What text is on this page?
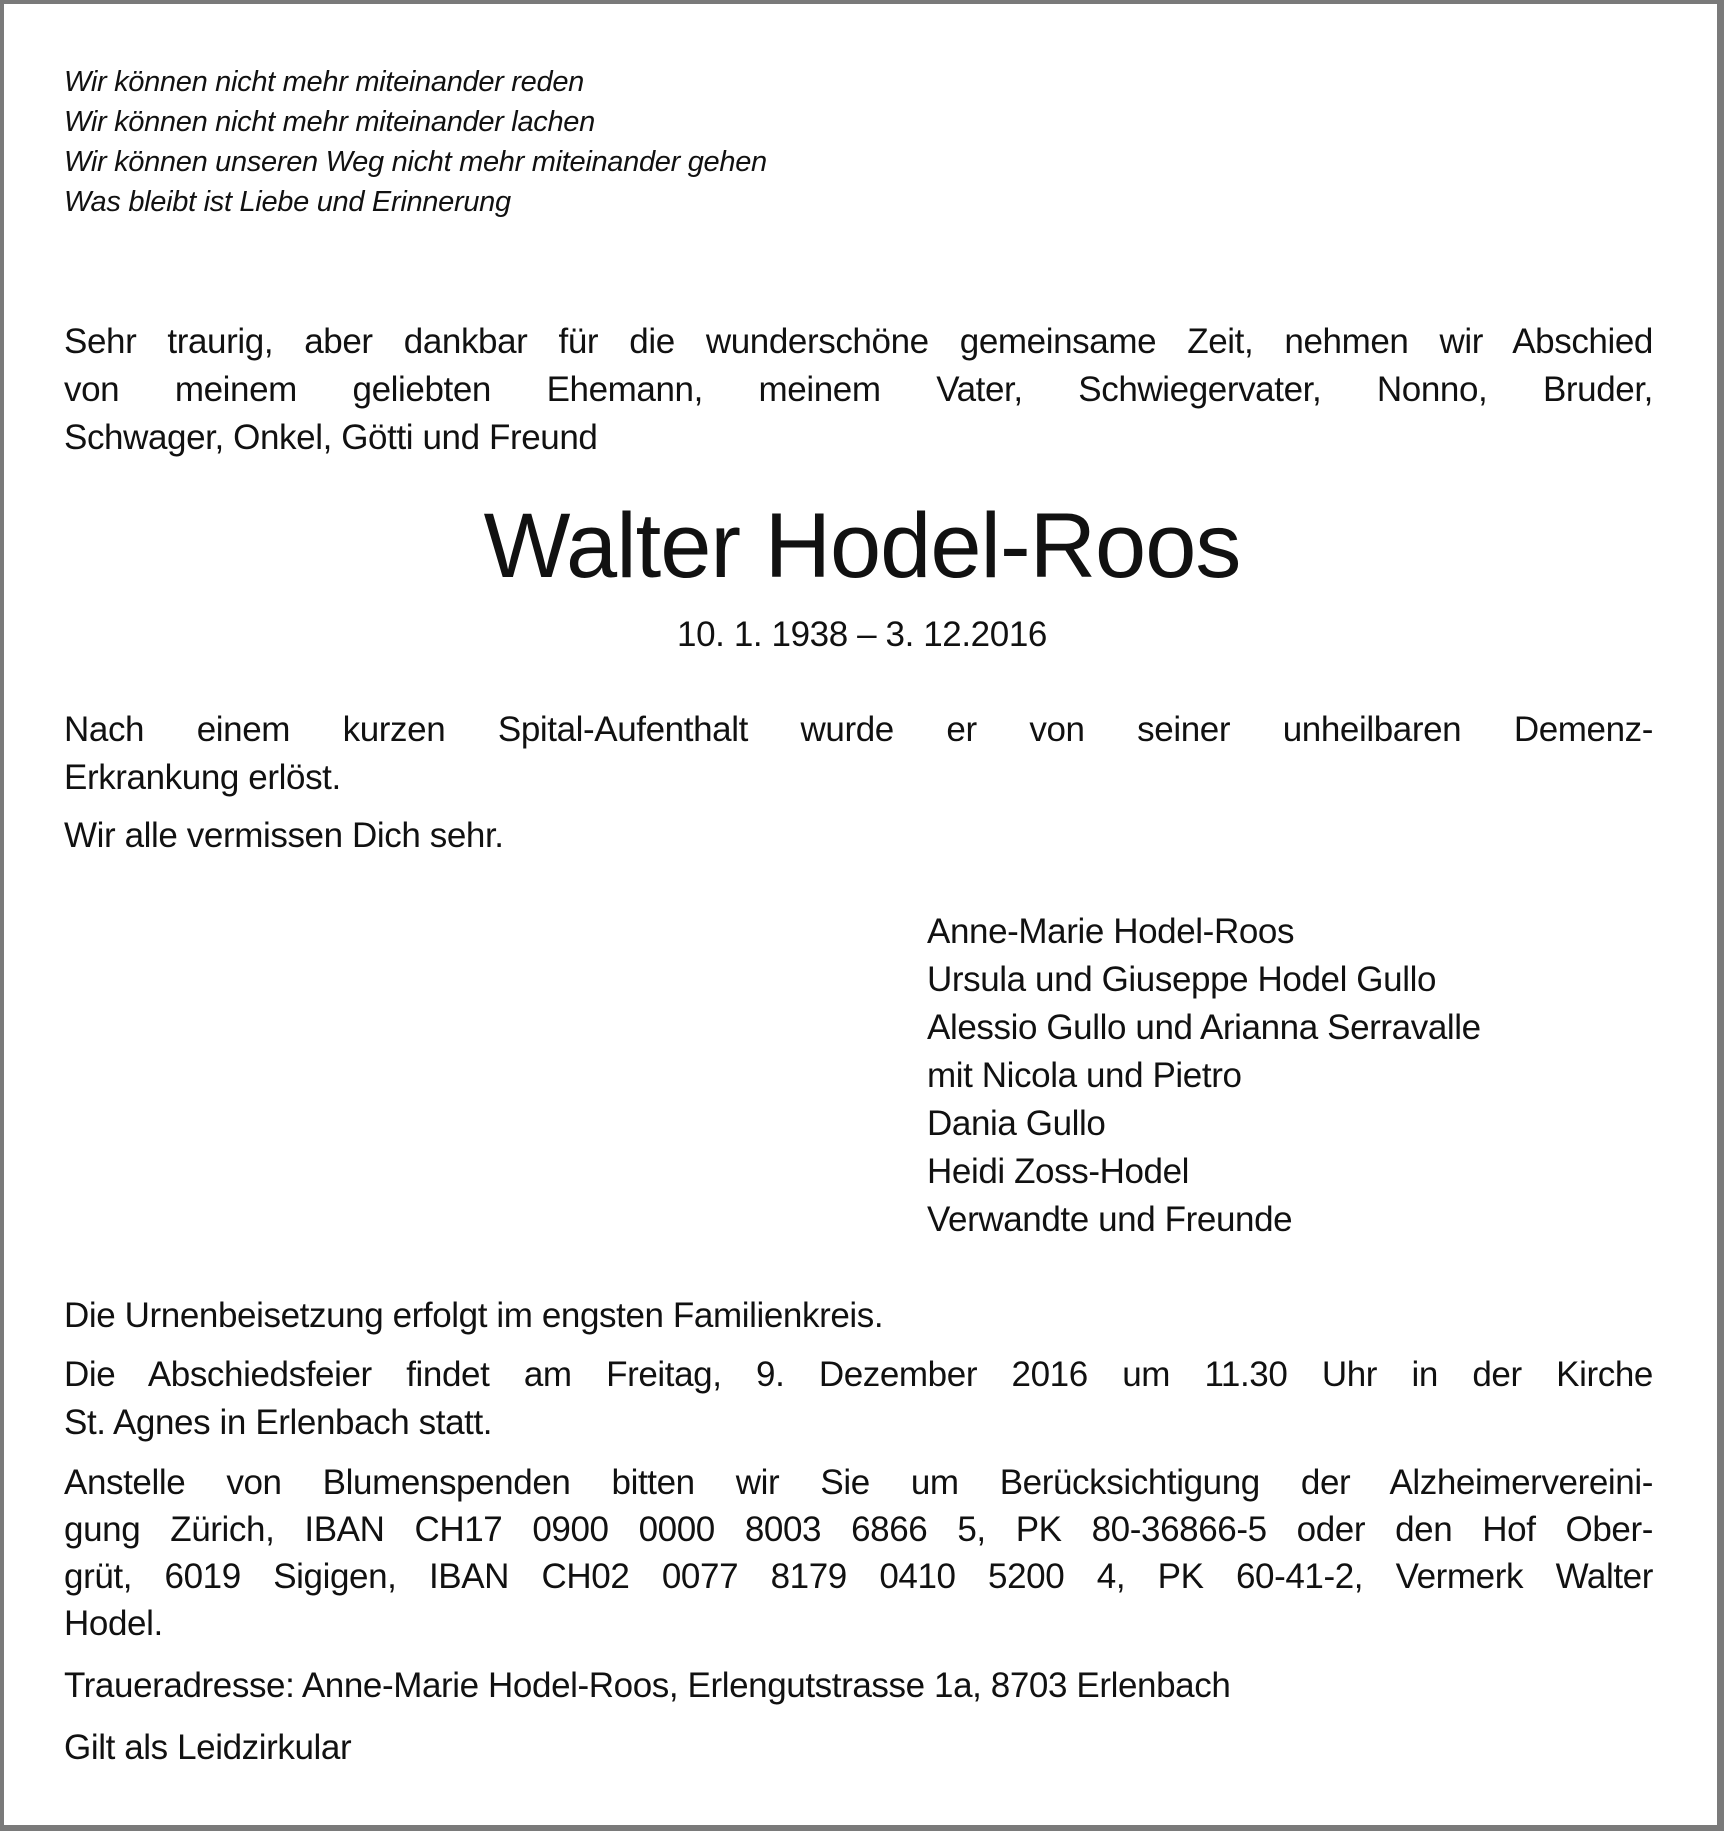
Wir können nicht mehr miteinander reden
Wir können nicht mehr miteinander lachen
Wir können unseren Weg nicht mehr miteinander gehen
Was bleibt ist Liebe und Erinnerung
Sehr traurig, aber dankbar für die wunderschöne gemeinsame Zeit, nehmen wir Abschied
von meinem geliebten Ehemann, meinem Vater, Schwiegervater, Nonno, Bruder,
Schwager, Onkel, Götti und Freund
Walter Hodel-Roos
10. 1. 1938 – 3. 12.2016
Nach einem kurzen Spital-Aufenthalt wurde er von seiner unheilbaren Demenz-
Erkrankung erlöst.
Wir alle vermissen Dich sehr.
Anne-Marie Hodel-Roos
Ursula und Giuseppe Hodel Gullo
Alessio Gullo und Arianna Serravalle
mit Nicola und Pietro
Dania Gullo
Heidi Zoss-Hodel
Verwandte und Freunde
Die Urnenbeisetzung erfolgt im engsten Familienkreis.
Die Abschiedsfeier findet am Freitag, 9. Dezember 2016 um 11.30 Uhr in der Kirche
St. Agnes in Erlenbach statt.
Anstelle von Blumenspenden bitten wir Sie um Berücksichtigung der Alzheimervereini-
gung Zürich, IBAN CH17 0900 0000 8003 6866 5, PK 80-36866-5 oder den Hof Ober-
grüt, 6019 Sigigen, IBAN CH02 0077 8179 0410 5200 4, PK 60-41-2, Vermerk Walter
Hodel.
Traueradresse: Anne-Marie Hodel-Roos, Erlengutstrasse 1a, 8703 Erlenbach
Gilt als Leidzirkular
